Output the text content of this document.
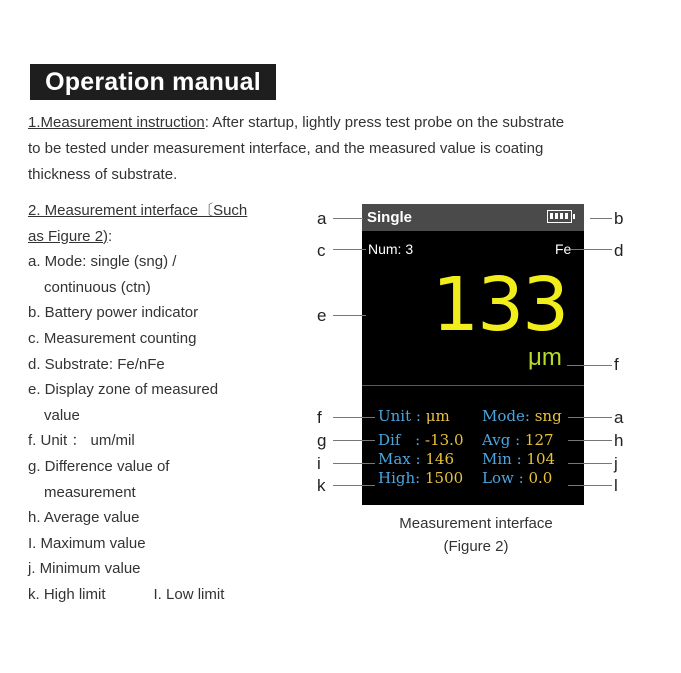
Operation manual
1.Measurement instruction: After startup, lightly press test probe on the substrate to be tested under measurement interface, and the measured value is coating thickness of substrate.
2. Measurement interface〔Such
as Figure 2):
a. Mode: single (sng) /
continuous (ctn)
b. Battery power indicator
c. Measurement counting
d. Substrate: Fe/nFe
e. Display zone of measured
value
f. Unit ： um/mil
g. Difference value of
measurement
h. Average value
I. Maximum value
j. Minimum value
k. High limit	I. Low limit
Single
Num: 3	Fe
133
μm
Unit : μm Mode: sng
Dif : -13.0 Avg : 127
Max : 146 Min : 104
High: 1500 Low : 0.0
a
c
e
f
g
i
k
b
d
f
a
h
j
l
Measurement interface
(Figure 2)
